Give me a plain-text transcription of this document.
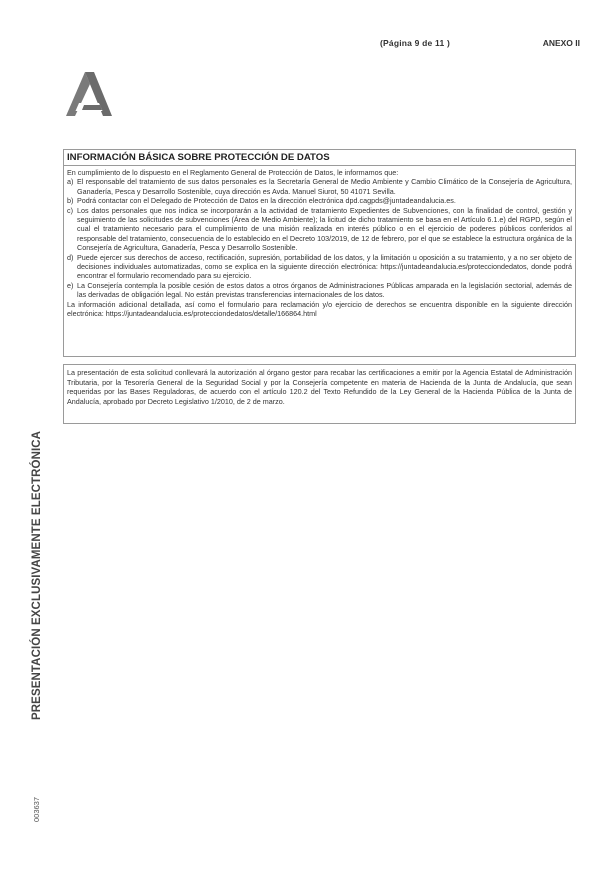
(Página 9 de 11 )	ANEXO II
INFORMACIÓN BÁSICA SOBRE PROTECCIÓN DE DATOS

En cumplimiento de lo dispuesto en el Reglamento General de Protección de Datos, le informamos que:

a) El responsable del tratamiento de sus datos personales es la Secretaría General de Medio Ambiente y Cambio Climático de la Consejería de Agricultura, Ganadería, Pesca y Desarrollo Sostenible, cuya dirección es Avda. Manuel Siurot, 50 41071 Sevilla.
b) Podrá contactar con el Delegado de Protección de Datos en la dirección electrónica dpd.cagpds@juntadeandalucia.es.
c) Los datos personales que nos indica se incorporarán a la actividad de tratamiento Expedientes de Subvenciones, con la finalidad de control, gestión y seguimiento de las solicitudes de subvenciones (Área de Medio Ambiente); la licitud de dicho tratamiento se basa en el Artículo 6.1.e) del RGPD, según el cual el tratamiento necesario para el cumplimiento de una misión realizada en interés público o en el ejercicio de poderes públicos conferidos al responsable del tratamiento, consecuencia de lo establecido en el Decreto 103/2019, de 12 de febrero, por el que se establece la estructura orgánica de la Consejería de Agricultura, Ganadería, Pesca y Desarrollo Sostenible.
d) Puede ejercer sus derechos de acceso, rectificación, supresión, portabilidad de los datos, y la limitación u oposición a su tratamiento, y a no ser objeto de decisiones individuales automatizadas, como se explica en la siguiente dirección electrónica: https://juntadeandalucia.es/protecciondedatos, donde podrá encontrar el formulario recomendado para su ejercicio.
e) La Consejería contempla la posible cesión de estos datos a otros órganos de Administraciones Públicas amparada en la legislación sectorial, además de las derivadas de obligación legal. No están previstas transferencias internacionales de los datos.

La información adicional detallada, así como el formulario para reclamación y/o ejercicio de derechos se encuentra disponible en la siguiente dirección electrónica: https://juntadeandalucia.es/protecciondedatos/detalle/166864.html

La presentación de esta solicitud conllevará la autorización al órgano gestor para recabar las certificaciones a emitir por la Agencia Estatal de Administración Tributaria, por la Tesorería General de la Seguridad Social y por la Consejería competente en materia de Hacienda de la Junta de Andalucía, que sean requeridas por las Bases Reguladoras, de acuerdo con el artículo 120.2 del Texto Refundido de la Ley General de la Hacienda Pública de la Junta de Andalucía, aprobado por Decreto Legislativo 1/2010, de 2 de marzo.
PRESENTACIÓN EXCLUSIVAMENTE ELECTRÓNICA
003637
